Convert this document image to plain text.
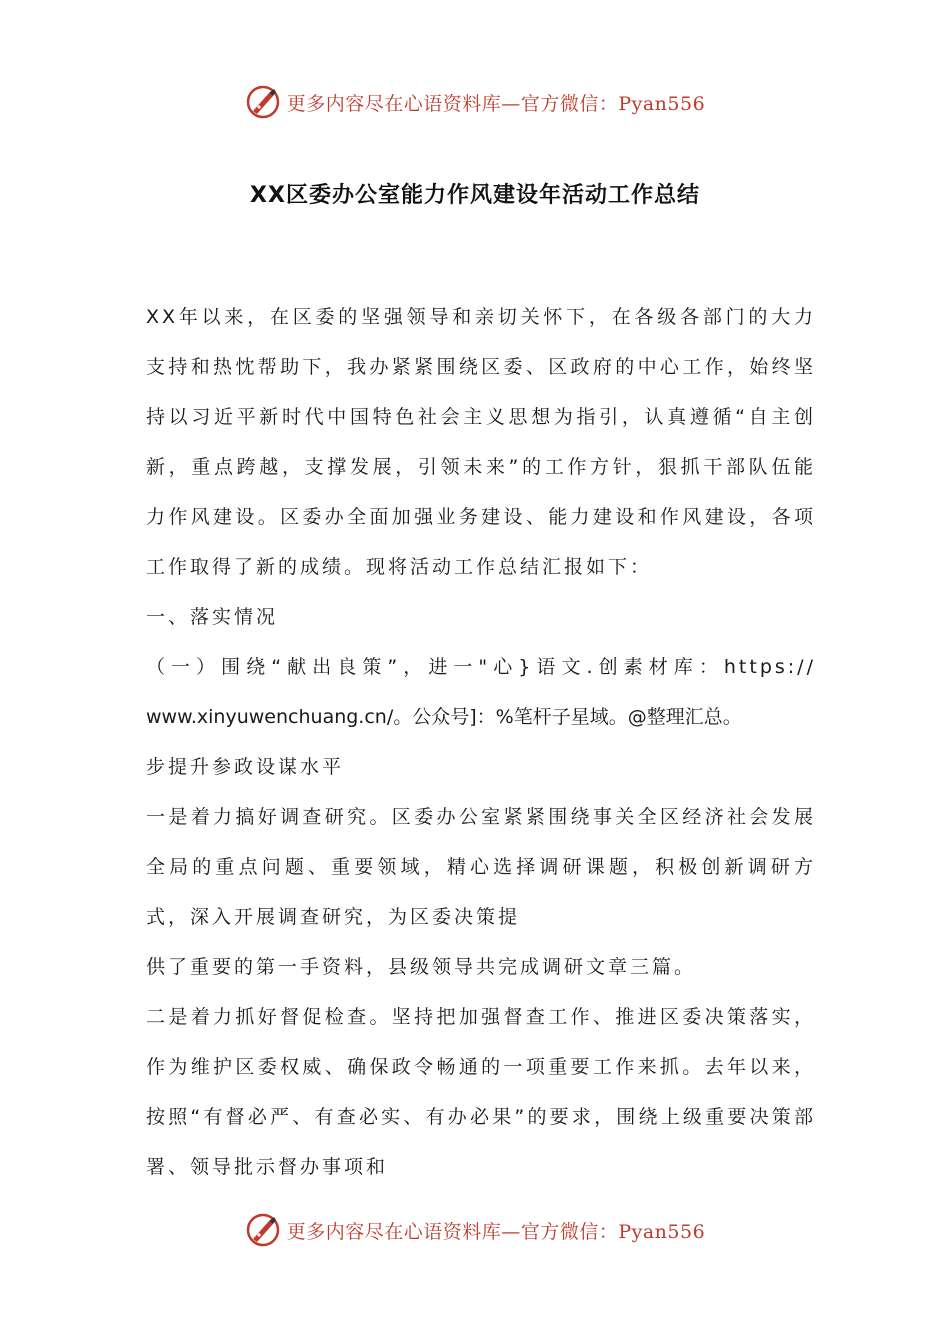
更多内容尽在心语资料库—官方微信：Pyan556
XX区委办公室能力作风建设年活动工作总结

XX年以来，在区委的坚强领导和亲切关怀下，在各级各部门的大力支持和热忱帮助下，我办紧紧围绕区委、区政府的中心工作，始终坚持以习近平新时代中国特色社会主义思想为指引，认真遵循“自主创新，重点跨越，支撑发展，引领未来”的工作方针，狠抓干部队伍能力作风建设。区委办全面加强业务建设、能力建设和作风建设，各项工作取得了新的成绩。现将活动工作总结汇报如下：

一、落实情况

（一）围绕“献出良策”，进一"心}语文.创素材库：https://

www.xinyuwenchuang.cn/。公众号]：%笔杆子星域。@整理汇总。

步提升参政设谋水平

一是着力搞好调查研究。区委办公室紧紧围绕事关全区经济社会发展全局的重点问题、重要领域，精心选择调研课题，积极创新调研方式，深入开展调查研究，为区委决策提

供了重要的第一手资料，县级领导共完成调研文章三篇。

二是着力抓好督促检查。坚持把加强督查工作、推进区委决策落实，作为维护区委权威、确保政令畅通的一项重要工作来抓。去年以来，按照“有督必严、有查必实、有办必果”的要求，围绕上级重要决策部署、领导批示督办事项和

更多内容尽在心语资料库—官方微信：Pyan556
